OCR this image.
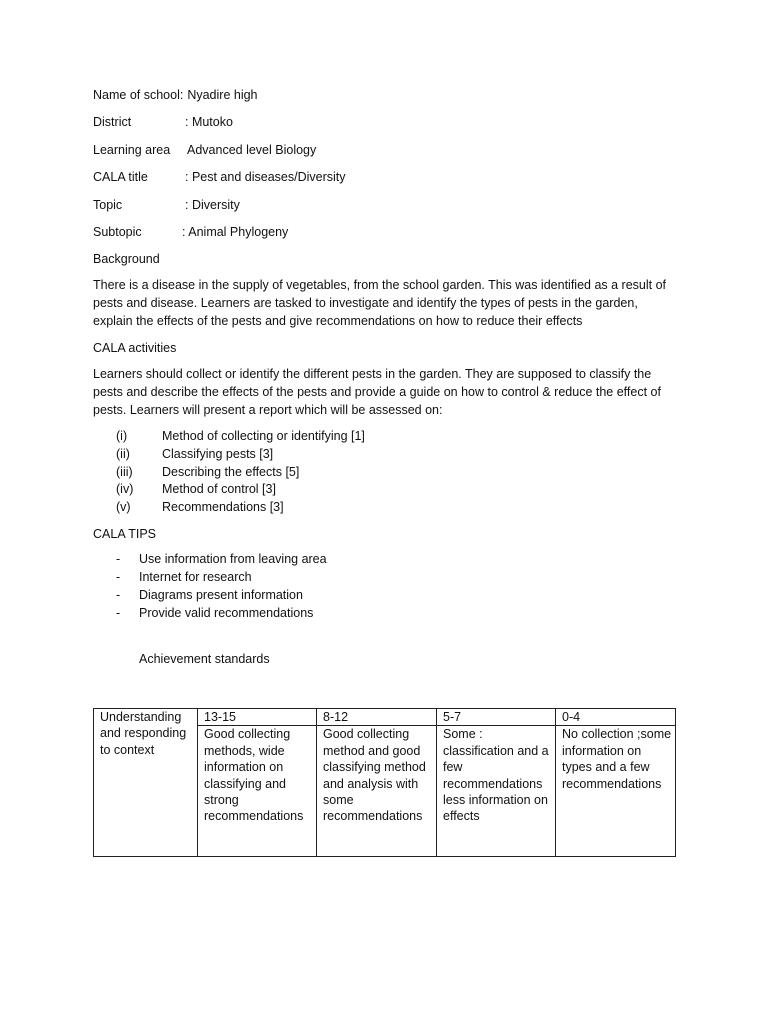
Name of school: Nyadire high
District	: Mutoko
Learning area	Advanced level Biology
CALA title	: Pest and diseases/Diversity
Topic	: Diversity
Subtopic	: Animal Phylogeny
Background

There is a disease in the supply of vegetables, from the school garden. This was identified as a result of pests and disease. Learners are tasked to investigate and identify the types of pests in the garden, explain the effects of the pests and give recommendations on how to reduce their effects

CALA activities

Learners should collect or identify the different pests in the garden. They are supposed to classify the pests and describe the effects of the pests and provide a guide on how to control & reduce the effect of pests. Learners will present a report which will be assessed on:

(i)	Method of collecting or identifying [1]
(ii)	Classifying pests [3]
(iii)	Describing the effects [5]
(iv)	Method of control [3]
(v)	Recommendations [3]
CALA TIPS
-	Use information from leaving area
-	Internet for research
-	Diagrams present information
-	Provide valid recommendations
Achievement standards
Understanding and responding to context	13-15	8-12	5-7	0-4
	Good collecting methods, wide information on classifying and strong recommendations	Good collecting method and good classifying method and analysis with some recommendations	Some : classification and a few recommendations less information on effects	No collection ;some information on types and a few recommendations
